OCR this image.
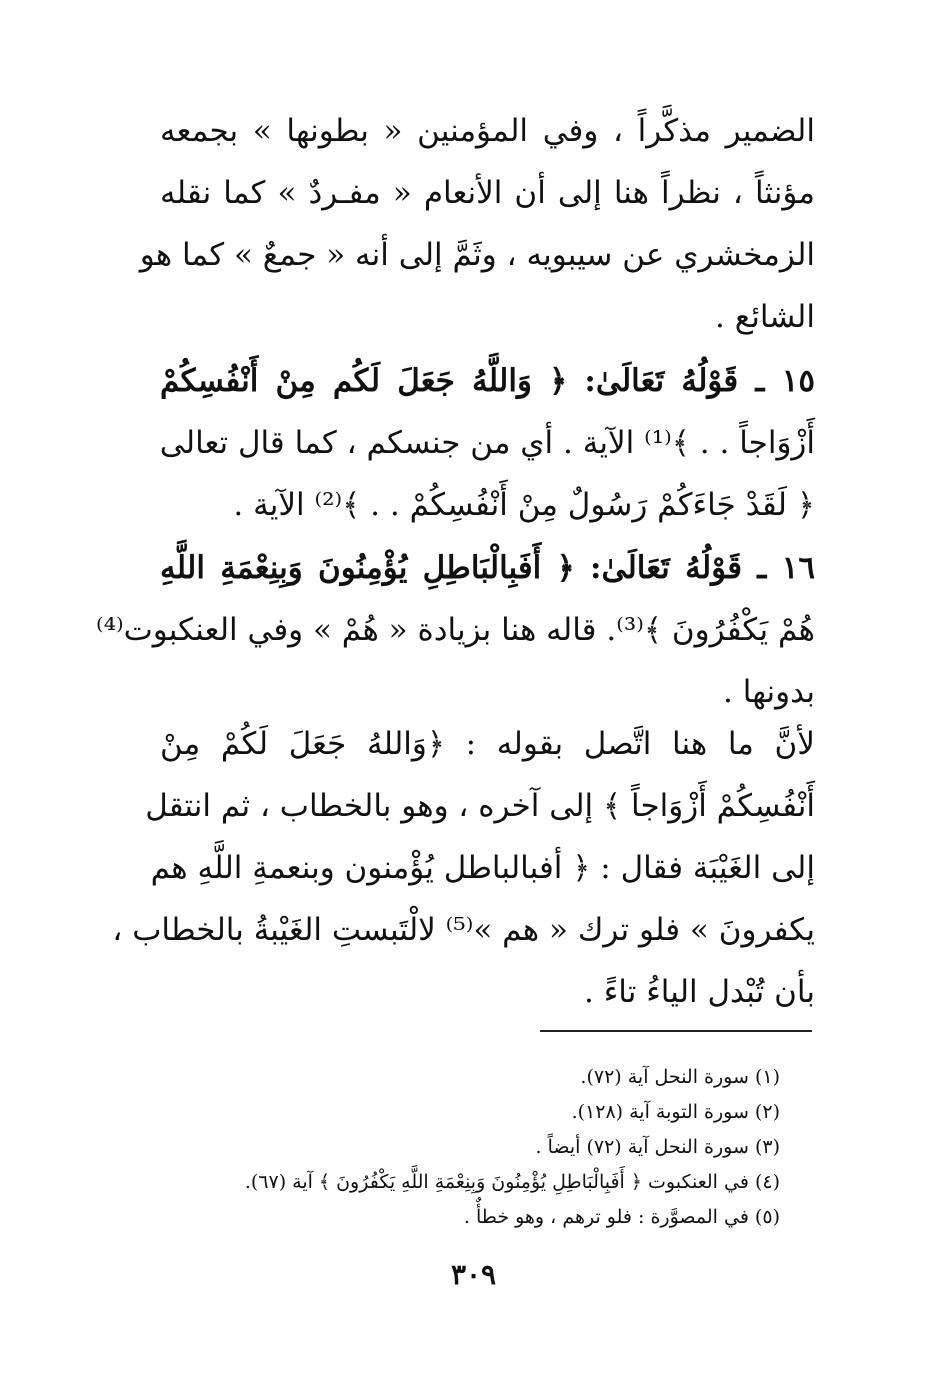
الضمير مذكَّراً ، وفي المؤمنين « بطونها » بجمعه
مؤنثاً ، نظراً هنا إلى أن الأنعام « مفـردٌ » كما نقله
الزمخشري عن سيبويه ، وثَمَّ إلى أنه « جمعٌ » كما هو
الشائع .
١٥ ـ قَوْلُهُ تَعَالَىٰ: ﴿ وَاللَّهُ جَعَلَ لَكُم مِنْ أَنْفُسِكُمْ
أَزْوَاجاً . . ﴾⁽¹⁾ الآية . أي من جنسكم ، كما قال تعالى
﴿ لَقَدْ جَاءَكُمْ رَسُولٌ مِنْ أَنْفُسِكُمْ . . ﴾⁽²⁾ الآية .
١٦ ـ قَوْلُهُ تَعَالَىٰ: ﴿ أَفَبِالْبَاطِلِ يُؤْمِنُونَ وَبِنِعْمَةِ اللَّهِ
هُمْ يَكْفُرُونَ ﴾⁽³⁾. قاله هنا بزيادة « هُمْ » وفي العنكبوت⁽⁴⁾
بدونها .
لأنَّ ما هنا اتَّصل بقوله : ﴿وَاللهُ جَعَلَ لَكُمْ مِنْ
أَنْفُسِكُمْ أَزْوَاجاً ﴾ إلى آخره ، وهو بالخطاب ، ثم انتقل
إلى الغَيْبَة فقال : ﴿ أفبالباطل يُؤْمنون وبنعمةِ اللَّهِ هم
يكفرونَ » فلو ترك « هم »⁽⁵⁾ لالْتَبستِ الغَيْبةُ بالخطاب ،
بأن تُبْدل الياءُ تاءً .
(١) سورة النحل آية (٧٢).
(٢) سورة التوبة آية (١٢٨).
(٣) سورة النحل آية (٧٢) أيضاً .
(٤) في العنكبوت ﴿ أَفَبِالْبَاطِلِ يُؤْمِنُونَ وَبِنِعْمَةِ اللَّهِ يَكْفُرُونَ ﴾ آية (٦٧).
(٥) في المصوَّرة : فلو ترهم ، وهو خطأٌ .
٣٠٩
